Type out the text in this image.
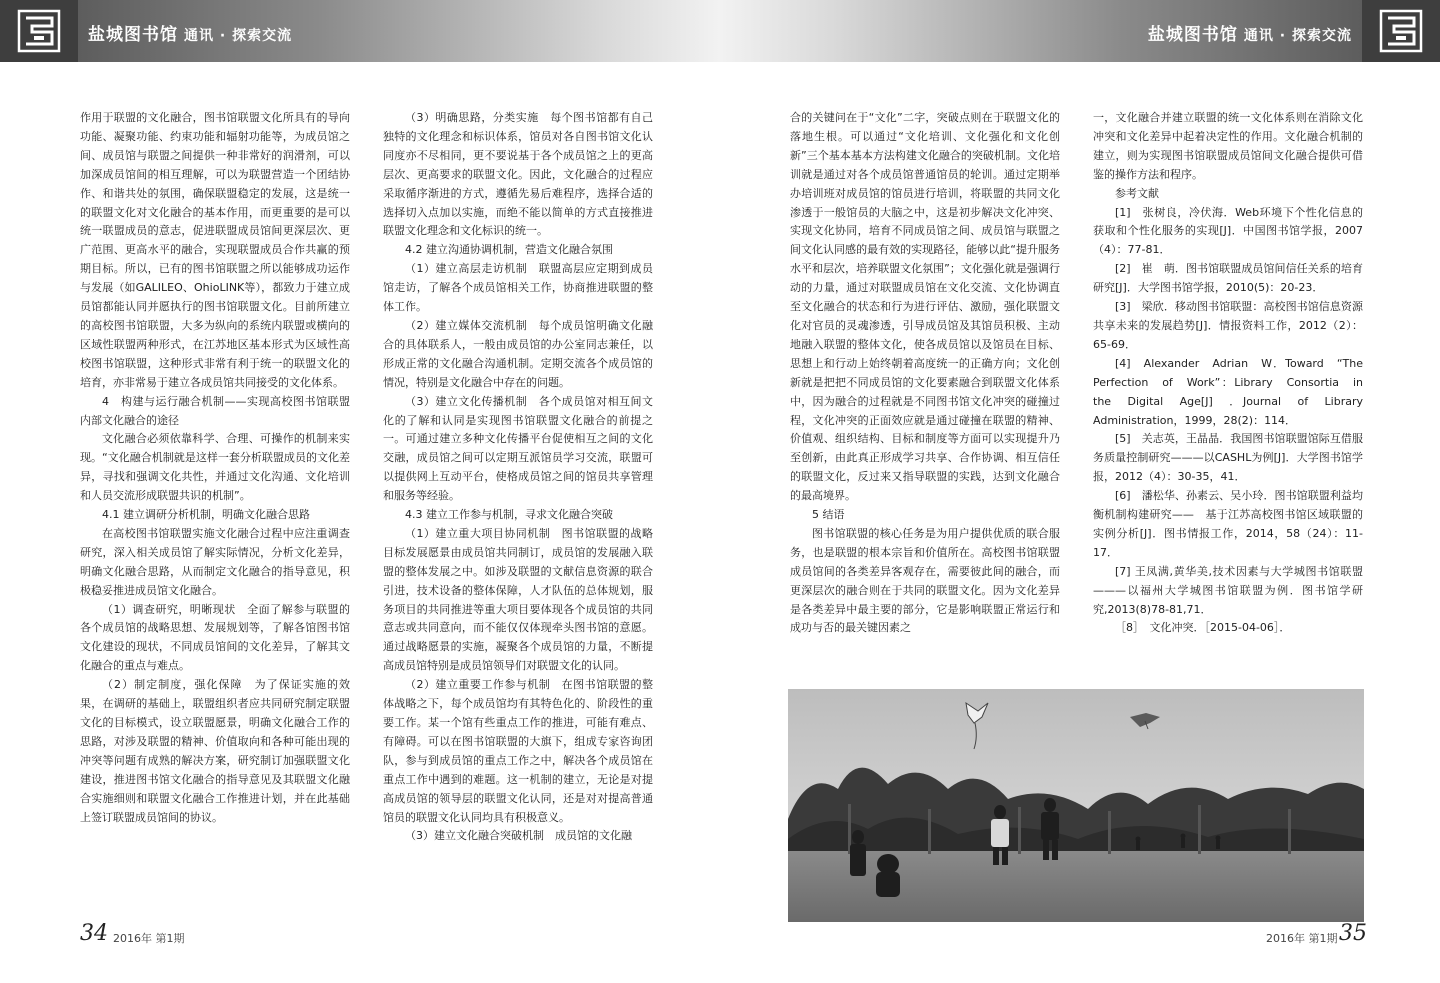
盐城图书馆 通讯 · 探索交流	盐城图书馆 通讯 · 探索交流

作用于联盟的文化融合，图书馆联盟文化所具有的导向功能、凝聚功能、约束功能和辐射功能等，为成员馆之间、成员馆与联盟之间提供一种非常好的润滑剂，可以加深成员馆间的相互理解，可以为联盟营造一个团结协作、和谐共处的氛围，确保联盟稳定的发展，这是统一的联盟文化对文化融合的基本作用，而更重要的是可以统一联盟成员的意志，促进联盟成员馆间更深层次、更广范围、更高水平的融合，实现联盟成员合作共赢的预期目标。所以，已有的图书馆联盟之所以能够成功运作与发展（如GALILEO、OhioLINK等），都致力于建立成员馆都能认同并愿执行的图书馆联盟文化。目前所建立的高校图书馆联盟，大多为纵向的系统内联盟或横向的区域性联盟两种形式，在江苏地区基本形式为区域性高校图书馆联盟，这种形式非常有利于统一的联盟文化的培育，亦非常易于建立各成员馆共同接受的文化体系。

4　构建与运行融合机制——实现高校图书馆联盟内部文化融合的途径

文化融合必须依靠科学、合理、可操作的机制来实现。“文化融合机制就是这样一套分析联盟成员的文化差异，寻找和强调文化共性，并通过文化沟通、文化培训和人员交流形成联盟共识的机制”。

4.1 建立调研分析机制，明确文化融合思路

在高校图书馆联盟实施文化融合过程中应注重调查研究，深入相关成员馆了解实际情况，分析文化差异，明确文化融合思路，从而制定文化融合的指导意见，积极稳妥推进成员馆文化融合。

（1）调查研究，明晰现状　全面了解参与联盟的各个成员馆的战略思想、发展规划等，了解各馆图书馆文化建设的现状，不同成员馆间的文化差异，了解其文化融合的重点与难点。

（2）制定制度，强化保障　为了保证实施的效果，在调研的基础上，联盟组织者应共同研究制定联盟文化的目标模式，设立联盟愿景，明确文化融合工作的思路，对涉及联盟的精神、价值取向和各种可能出现的冲突等问题有成熟的解决方案，研究制订加强联盟文化建设，推进图书馆文化融合的指导意见及其联盟文化融合实施细则和联盟文化融合工作推进计划，并在此基础上签订联盟成员馆间的协议。

（3）明确思路，分类实施　每个图书馆都有自己独特的文化理念和标识体系，馆员对各自图书馆文化认同度亦不尽相同，更不要说基于各个成员馆之上的更高层次、更高要求的联盟文化。因此，文化融合的过程应采取循序渐进的方式，遵循先易后难程序，选择合适的选择切入点加以实施，而绝不能以简单的方式直接推进联盟文化理念和文化标识的统一。

4.2 建立沟通协调机制，营造文化融合氛围

（1）建立高层走访机制　联盟高层应定期到成员馆走访，了解各个成员馆相关工作，协商推进联盟的整体工作。

（2）建立媒体交流机制　每个成员馆明确文化融合的具体联系人，一般由成员馆的办公室同志兼任，以形成正常的文化融合沟通机制。定期交流各个成员馆的情况，特别是文化融合中存在的问题。

（3）建立文化传播机制　各个成员馆对相互间文化的了解和认同是实现图书馆联盟文化融合的前提之一。可通过建立多种文化传播平台促使相互之间的文化交融，成员馆之间可以定期互派馆员学习交流，联盟可以提供网上互动平台，使格成员馆之间的馆员共享管理和服务等经验。

4.3 建立工作参与机制，寻求文化融合突破

（1）建立重大项目协同机制　图书馆联盟的战略目标发展愿景由成员馆共同制订，成员馆的发展融入联盟的整体发展之中。如涉及联盟的文献信息资源的联合引进，技术设备的整体保障，人才队伍的总体规划，服务项目的共同推进等重大项目要体现各个成员馆的共同意志或共同意向，而不能仅仅体现牵头图书馆的意愿。通过战略愿景的实施，凝聚各个成员馆的力量，不断提高成员馆特别是成员馆领导们对联盟文化的认同。

（2）建立重要工作参与机制　在图书馆联盟的整体战略之下，每个成员馆均有其特色化的、阶段性的重要工作。某一个馆有些重点工作的推进，可能有难点、有障碍。可以在图书馆联盟的大旗下，组成专家咨询团队，参与到成员馆的重点工作之中，解决各个成员馆在重点工作中遇到的难题。这一机制的建立，无论是对提高成员馆的领导层的联盟文化认同，还是对对提高普通馆员的联盟文化认同均具有积极意义。

（3）建立文化融合突破机制　成员馆的文化融

合的关键问在于“文化”二字，突破点则在于联盟文化的落地生根。可以通过“文化培训、文化强化和文化创新”三个基本基本方法构建文化融合的突破机制。文化培训就是通过对各个成员馆普通馆员的轮训。通过定期举办培训班对成员馆的馆员进行培训，将联盟的共同文化渗透于一般馆员的大脑之中，这是初步解决文化冲突、实现文化协同，培育不同成员馆之间、成员馆与联盟之间文化认同感的最有效的实现路径，能够以此“提升服务水平和层次，培养联盟文化氛围”；文化强化就是强调行动的力量，通过对联盟成员馆在文化交流、文化协调直至文化融合的状态和行为进行评估、激励，强化联盟文化对官员的灵魂渗透，引导成员馆及其馆员积极、主动地融入联盟的整体文化，使各成员馆以及馆员在目标、思想上和行动上始终朝着高度统一的正确方向；文化创新就是把把不同成员馆的文化要素融合到联盟文化体系中，因为融合的过程就是不同图书馆文化冲突的碰撞过程，文化冲突的正面效应就是通过碰撞在联盟的精神、价值观、组织结构、目标和制度等方面可以实现提升乃至创新，由此真正形成学习共享、合作协调、相互信任的联盟文化，反过来又指导联盟的实践，达到文化融合的最高境界。

5 结语

图书馆联盟的核心任务是为用户提供优质的联合服务，也是联盟的根本宗旨和价值所在。高校图书馆联盟成员馆间的各类差异客观存在，需要彼此间的融合，而更深层次的融合则在于共同的联盟文化。因为文化差异是各类差异中最主要的部分，它是影响联盟正常运行和成功与否的最关键因素之

一，文化融合并建立联盟的统一文化体系则在消除文化冲突和文化差异中起着决定性的作用。文化融合机制的建立，则为实现图书馆联盟成员馆间文化融合提供可借鉴的操作方法和程序。

参考文献

[1]　张树良，冷伏海．Web环境下个性化信息的获取和个性化服务的实现[J]．中国图书馆学报，2007（4）：77-81．

[2]　崔　萌．图书馆联盟成员馆间信任关系的培育研究[J]．大学图书馆学报，2010(5)：20-23．

[3]　梁欣．移动图书馆联盟：高校图书馆信息资源共享未来的发展趋势[J]．情报资料工作，2012（2）：65-69．

[4]　Alexander　Adrian　W．Toward　“The　Perfection　of　Work”：Library　Consortia　in　the　Digital　Age[J]　．Journal　of　Library　Administration，1999，28(2)：114．

[5]　关志英，王晶晶．我国图书馆联盟馆际互借服务质量控制研究———以CASHL为例[J]．大学图书馆学报，2012（4）：30-35，41．

[6]　潘松华、孙素云、吴小玲．图书馆联盟利益均衡机制构建研究——　基于江苏高校图书馆区域联盟的实例分析[J]．图书情报工作，2014，58（24）：11-17．

[7] 王凤满,黄华美,技术因素与大学城图书馆联盟———以福州大学城图书馆联盟为例．图书馆学研究,2013(8)78-81,71．

［8］　文化冲突．［2015-04-06］．

34 2016年 第1期	2016年 第1期 35
